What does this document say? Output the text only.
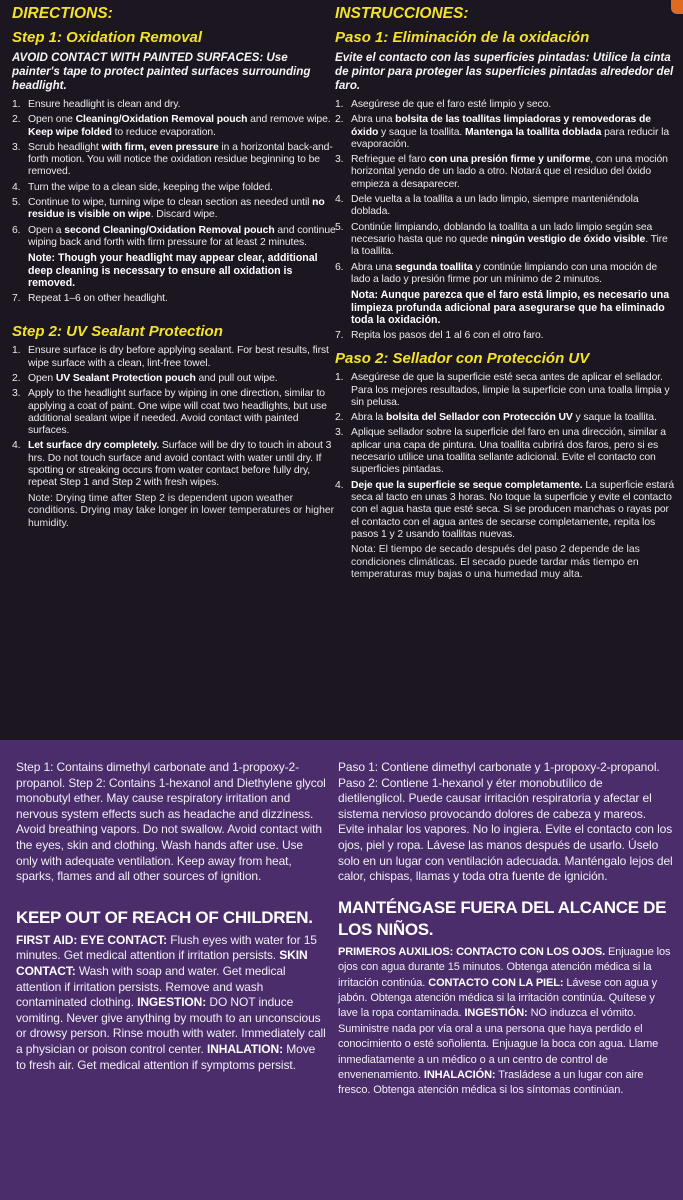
DIRECTIONS:

Step 1: Oxidation Removal

AVOID CONTACT WITH PAINTED SURFACES: Use painter's tape to protect painted surfaces surrounding headlight.

1. Ensure headlight is clean and dry.
2. Open one Cleaning/Oxidation Removal pouch and remove wipe. Keep wipe folded to reduce evaporation.
3. Scrub headlight with firm, even pressure in a horizontal back-and-forth motion. You will notice the oxidation residue beginning to be removed.
4. Turn the wipe to a clean side, keeping the wipe folded.
5. Continue to wipe, turning wipe to clean section as needed until no residue is visible on wipe. Discard wipe.
6. Open a second Cleaning/Oxidation Removal pouch and continue wiping back and forth with firm pressure for at least 2 minutes.

Note: Though your headlight may appear clear, additional deep cleaning is necessary to ensure all oxidation is removed.

7. Repeat 1–6 on other headlight.

Step 2: UV Sealant Protection

1. Ensure surface is dry before applying sealant. For best results, first wipe surface with a clean, lint-free towel.
2. Open UV Sealant Protection pouch and pull out wipe.
3. Apply to the headlight surface by wiping in one direction, similar to applying a coat of paint. One wipe will coat two headlights, but use additional sealant wipe if needed. Avoid contact with painted surfaces.
4. Let surface dry completely. Surface will be dry to touch in about 3 hrs. Do not touch surface and avoid contact with water until dry. If spotting or streaking occurs from water contact before fully dry, repeat Step 1 and Step 2 with fresh wipes.

Note: Drying time after Step 2 is dependent upon weather conditions. Drying may take longer in lower temperatures or higher humidity.

INSTRUCCIONES:

Paso 1: Eliminación de la oxidación

Evite el contacto con las superficies pintadas: Utilice la cinta de pintor para proteger las superficies pintadas alrededor del faro.

1. Asegúrese de que el faro esté limpio y seco.
2. Abra una bolsita de las toallitas limpiadoras y removedoras de óxido y saque la toallita. Mantenga la toallita doblada para reducir la evaporación.
3. Refriegue el faro con una presión firme y uniforme, con una moción horizontal yendo de un lado a otro. Notará que el residuo del óxido empieza a desaparecer.
4. Dele vuelta a la toallita a un lado limpio, siempre manteniéndola doblada.
5. Continúe limpiando, doblando la toallita a un lado limpio según sea necesario hasta que no quede ningún vestigio de óxido visible. Tire la toallita.
6. Abra una segunda toallita y continúe limpiando con una moción de lado a lado y presión firme por un mínimo de 2 minutos.

Nota: Aunque parezca que el faro está limpio, es necesario una limpieza profunda adicional para asegurarse que ha eliminado toda la oxidación.

7. Repita los pasos del 1 al 6 con el otro faro.

Paso 2: Sellador con Protección UV

1. Asegúrese de que la superficie esté seca antes de aplicar el sellador. Para los mejores resultados, limpie la superficie con una toalla limpia y sin pelusa.
2. Abra la bolsita del Sellador con Protección UV y saque la toallita.
3. Aplique sellador sobre la superficie del faro en una dirección, similar a aplicar una capa de pintura. Una toallita cubrirá dos faros, pero si es necesario utilice una toallita sellante adicional. Evite el contacto con superficies pintadas.
4. Deje que la superficie se seque completamente. La superficie estará seca al tacto en unas 3 horas. No toque la superficie y evite el contacto con el agua hasta que esté seca. Si se producen manchas o rayas por el contacto con el agua antes de secarse completamente, repita los pasos 1 y 2 usando toallitas nuevas.

Nota: El tiempo de secado después del paso 2 depende de las condiciones climáticas. El secado puede tardar más tiempo en temperaturas muy bajas o una humedad muy alta.

Step 1: Contains dimethyl carbonate and 1-propoxy-2-propanol. Step 2: Contains 1-hexanol and Diethylene glycol monobutyl ether. May cause respiratory irritation and nervous system effects such as headache and dizziness. Avoid breathing vapors. Do not swallow. Avoid contact with the eyes, skin and clothing. Wash hands after use. Use only with adequate ventilation. Keep away from heat, sparks, flames and all other sources of ignition.

KEEP OUT OF REACH OF CHILDREN.

FIRST AID: EYE CONTACT: Flush eyes with water for 15 minutes. Get medical attention if irritation persists. SKIN CONTACT: Wash with soap and water. Get medical attention if irritation persists. Remove and wash contaminated clothing. INGESTION: DO NOT induce vomiting. Never give anything by mouth to an unconscious or drowsy person. Rinse mouth with water. Immediately call a physician or poison control center. INHALATION: Move to fresh air. Get medical attention if symptoms persist.

Paso 1: Contiene dimethyl carbonate y 1-propoxy-2-propanol. Paso 2: Contiene 1-hexanol y éter monobutílico de dietilenglicol. Puede causar irritación respiratoria y afectar el sistema nervioso provocando dolores de cabeza y mareos. Evite inhalar los vapores. No lo ingiera. Evite el contacto con los ojos, piel y ropa. Lávese las manos después de usarlo. Úselo solo en un lugar con ventilación adecuada. Manténgalo lejos del calor, chispas, llamas y toda otra fuente de ignición.

MANTÉNGASE FUERA DEL ALCANCE DE LOS NIÑOS.

PRIMEROS AUXILIOS: CONTACTO CON LOS OJOS. Enjuague los ojos con agua durante 15 minutos. Obtenga atención médica si la irritación continúa. CONTACTO CON LA PIEL: Lávese con agua y jabón. Obtenga atención médica si la irritación continúa. Quítese y lave la ropa contaminada. INGESTIÓN: NO induzca el vómito. Suministre nada por vía oral a una persona que haya perdido el conocimiento o esté soñolienta. Enjuague la boca con agua. Llame inmediatamente a un médico o a un centro de control de envenenamiento. INHALACIÓN: Trasládese a un lugar con aire fresco. Obtenga atención médica si los síntomas continúan.
